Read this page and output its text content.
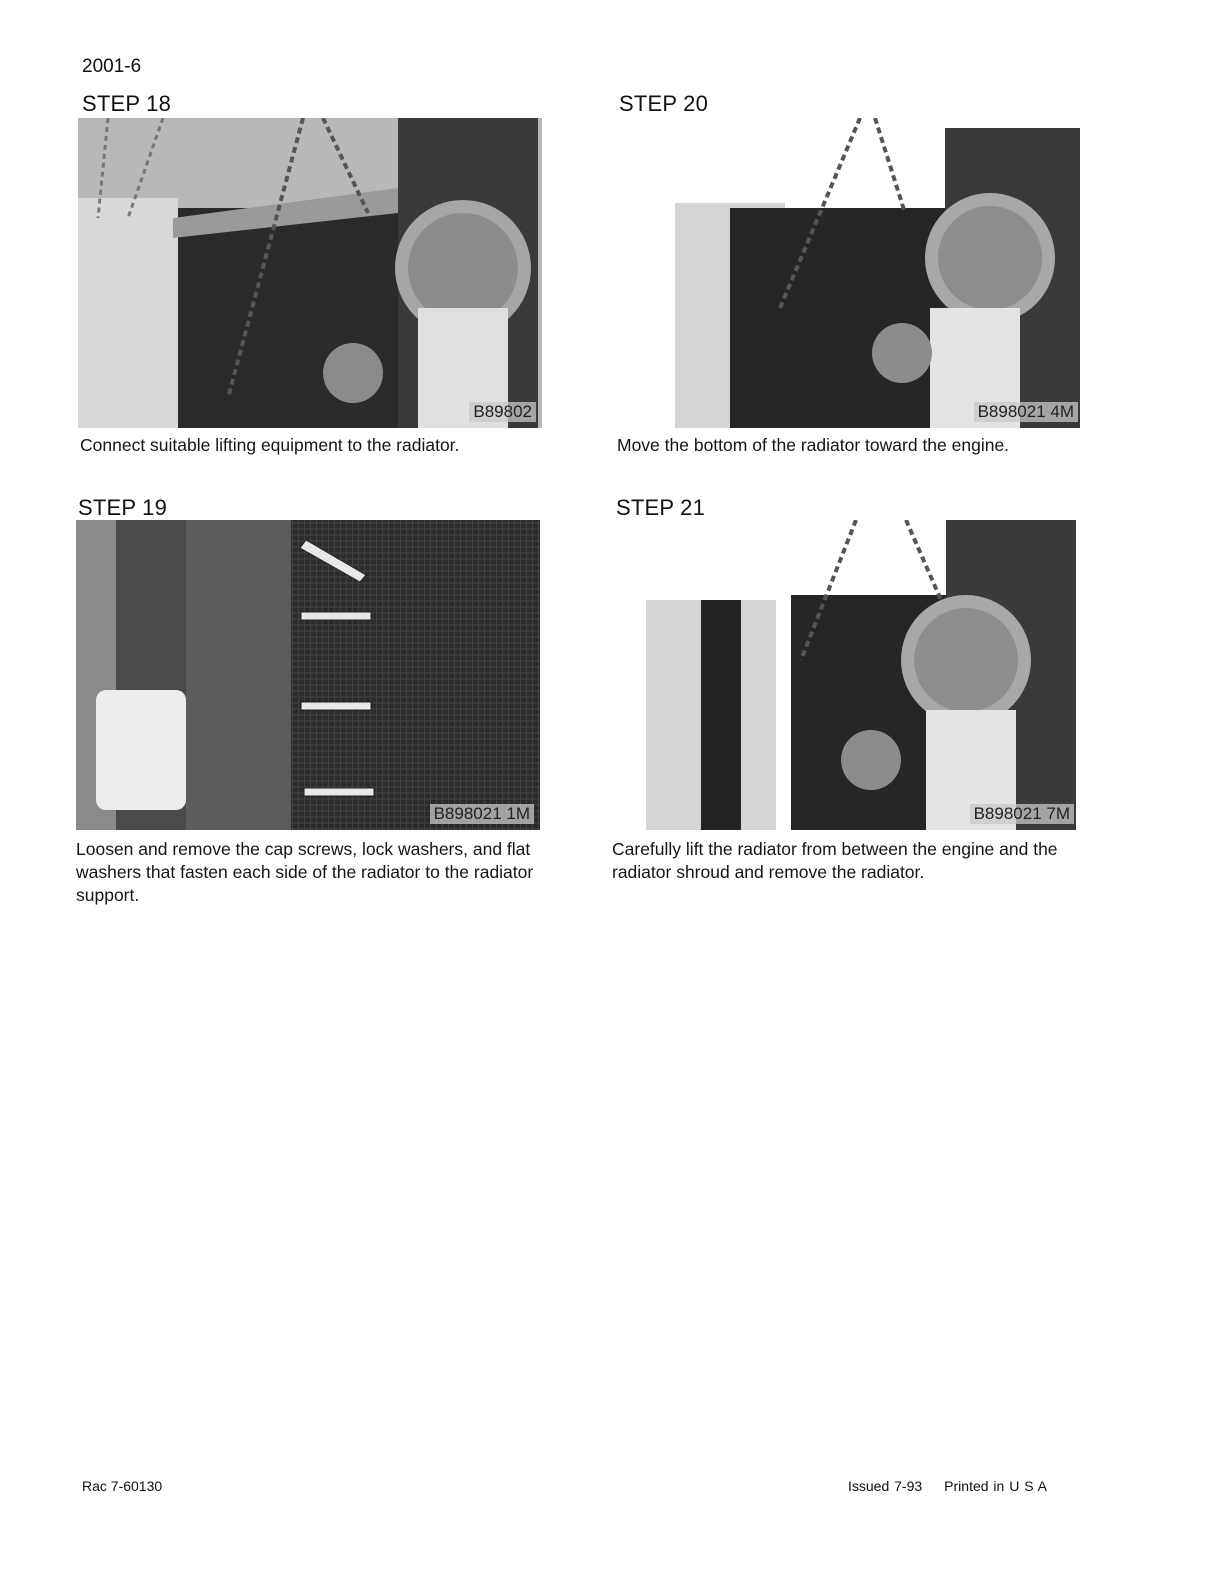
2001-6
STEP 18
B89802
Connect suitable lifting equipment to the radiator.
STEP 19
B898021 1M
Loosen and remove the cap screws, lock washers, and flat washers that fasten each side of the radiator to the radiator support.
STEP 20
B898021 4M
Move the bottom of the radiator toward the engine.
STEP 21
B898021 7M
Carefully lift the radiator from between the engine and the radiator shroud and remove the radiator.
Rac 7-60130	Issued 7-93 Printed in U S A
